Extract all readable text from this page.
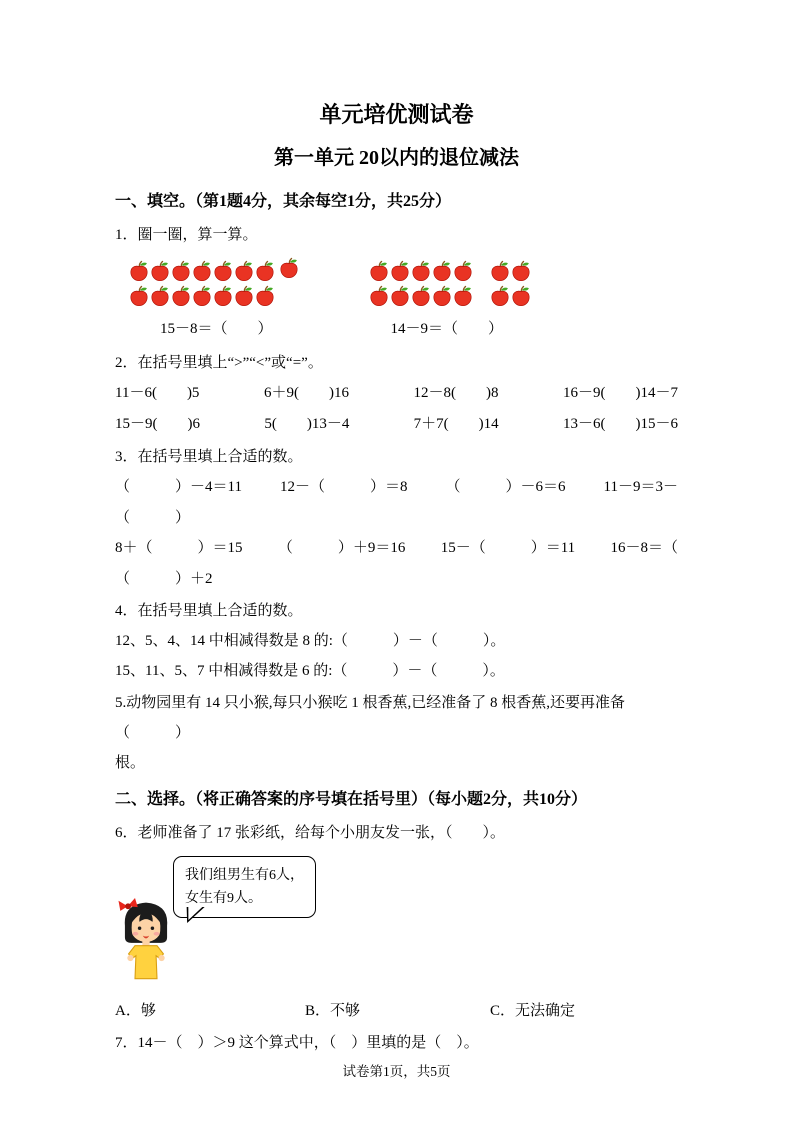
单元培优测试卷
第一单元 20以内的退位减法
一、填空。（第1题4分，其余每空1分，共25分）
1．圈一圈，算一算。
15－8＝（　　）	14－9＝（　　）
2．在括号里填上“>”“<”或“=”。
11－6(　　)5	6＋9(　　)16	12－8(　　)8	16－9(　　)14－7
15－9(　　)6	5(　　)13－4	7＋7(　　)14	13－6(　　)15－6
3．在括号里填上合适的数。
（　　　）－4＝11	12－（　　　）＝8	（　　　）－6＝6	11－9＝3－
（　　　）
8＋（　　　）＝15 （　　　）＋9＝16 15－（　　　）＝11 16－8＝（
（　　　）＋2
4．在括号里填上合适的数。
12、5、4、14 中相减得数是 8 的:（　　　）－（　　　）。
15、11、5、7 中相减得数是 6 的:（　　　）－（　　　）。
5.动物园里有 14 只小猴,每只小猴吃 1 根香蕉,已经准备了 8 根香蕉,还要再准备（　　　）
根。
二、选择。（将正确答案的序号填在括号里）（每小题2分，共10分）
6．老师准备了 17 张彩纸，给每个小朋友发一张，（　　）。
我们组男生有6人，
女生有9人。
A．够	B．不够	C．无法确定
7．14－（　）＞9 这个算式中，（　）里填的是（　）。
试卷第1页，共5页
